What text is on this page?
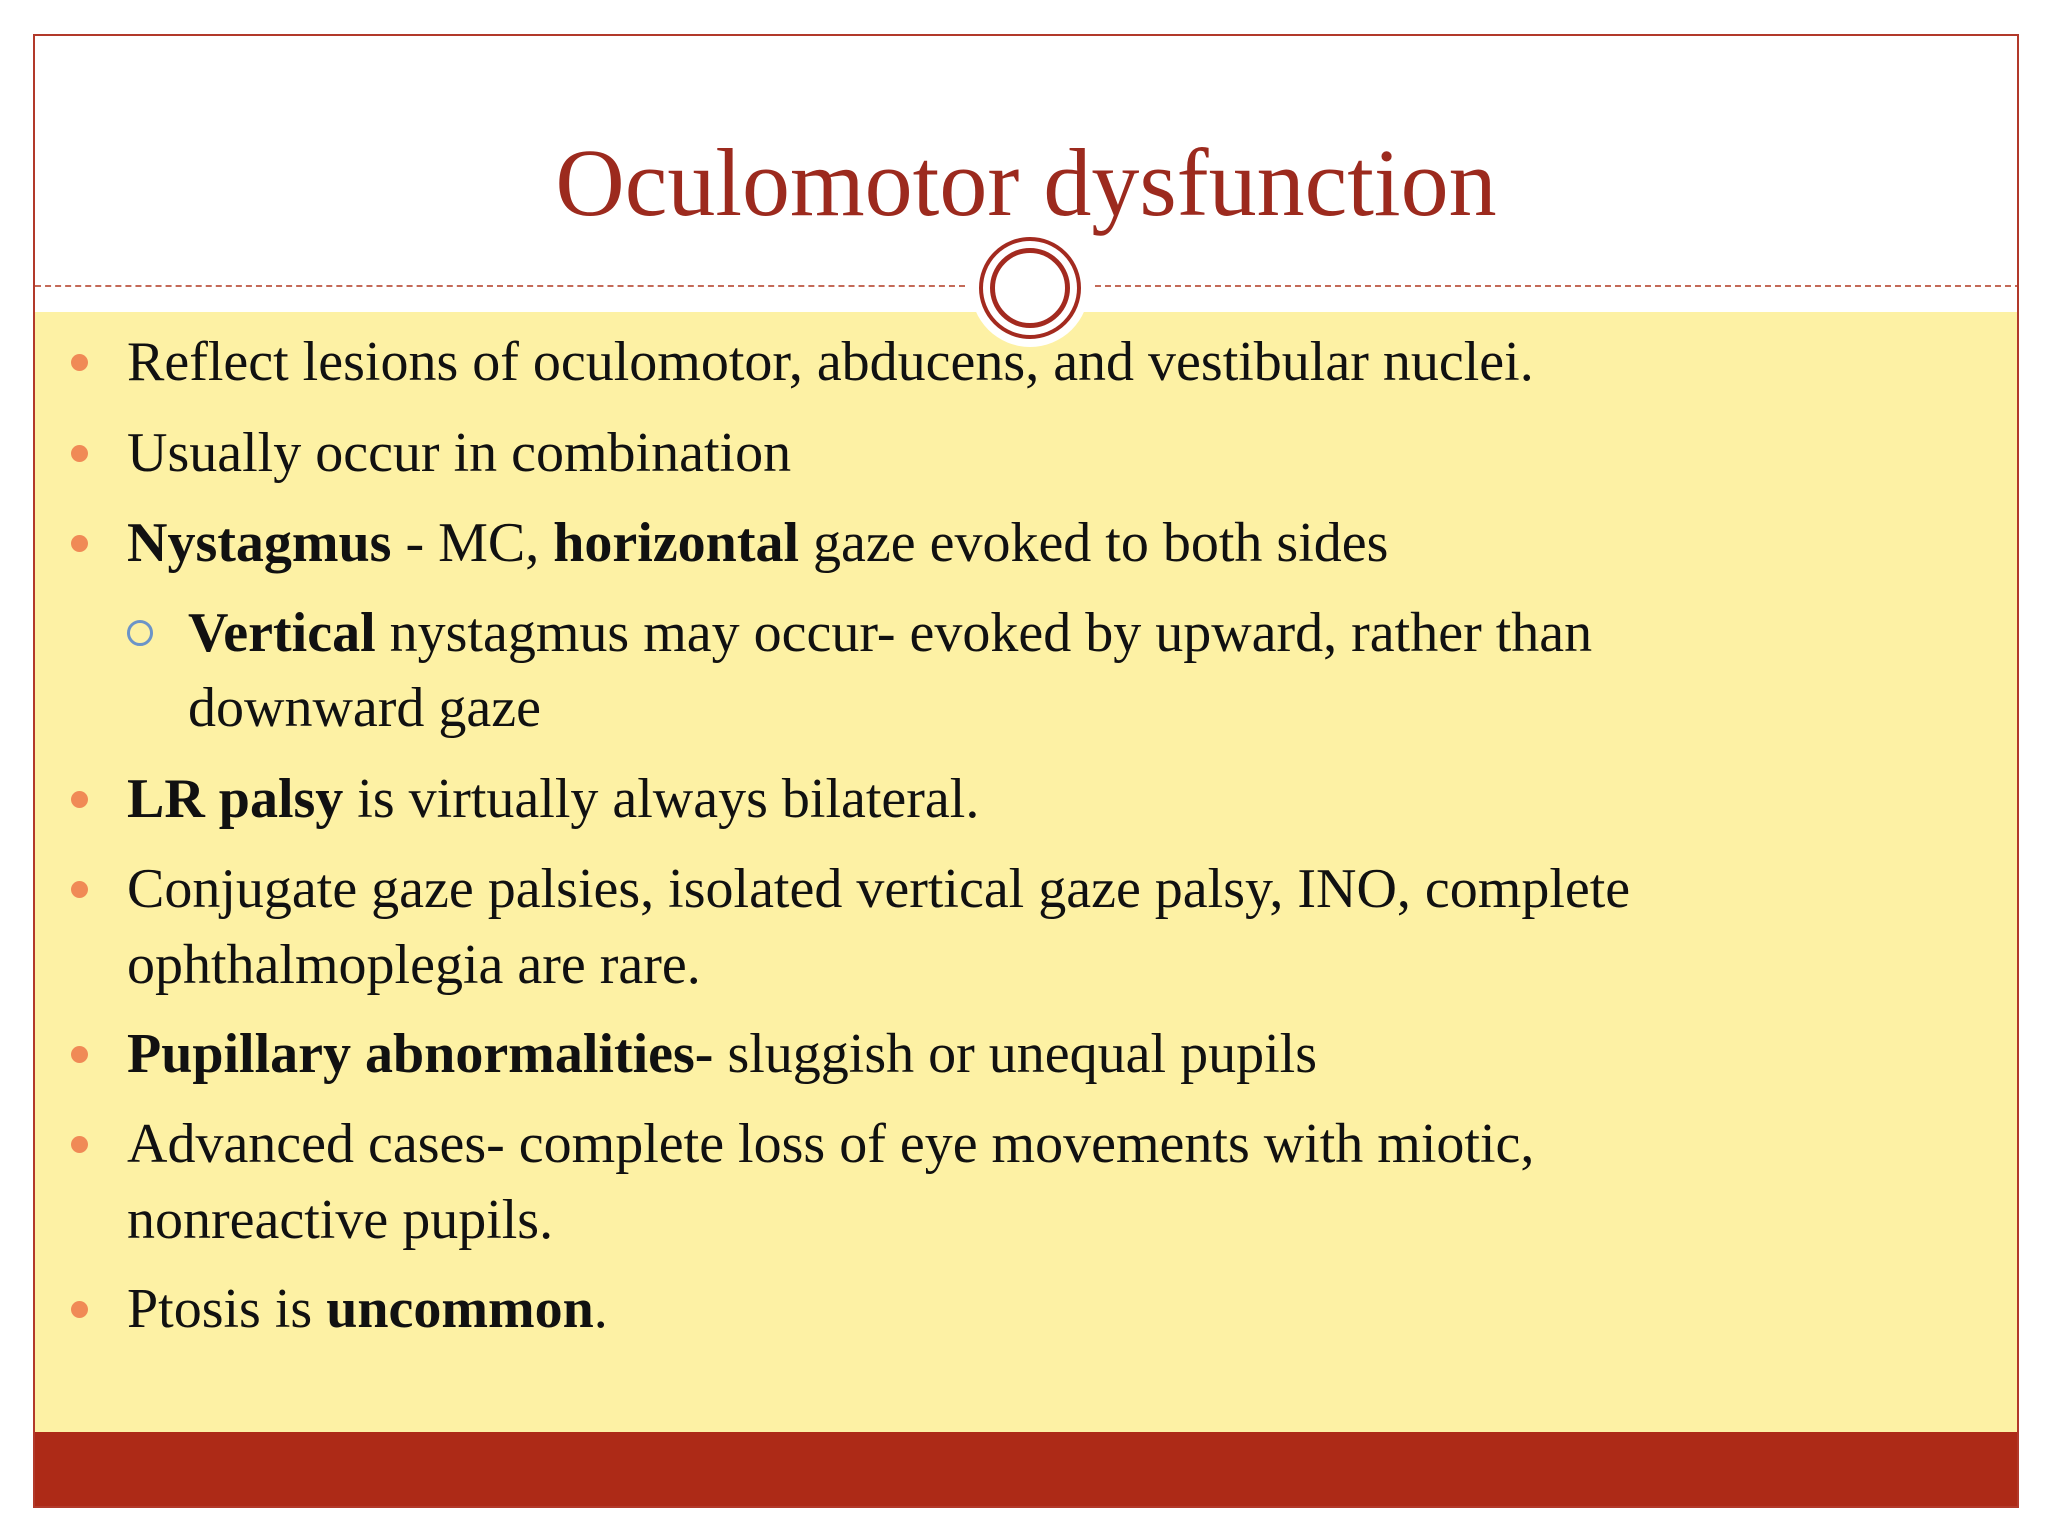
Oculomotor dysfunction
Reflect lesions of oculomotor, abducens, and vestibular nuclei.
Usually occur in combination
Nystagmus - MC, horizontal gaze evoked to both sides
Vertical nystagmus may occur- evoked by upward, rather than
downward gaze
LR palsy is virtually always bilateral.
Conjugate gaze palsies, isolated vertical gaze palsy, INO, complete
ophthalmoplegia are rare.
Pupillary abnormalities- sluggish or unequal pupils
Advanced cases- complete loss of eye movements with miotic,
nonreactive pupils.
Ptosis is uncommon.
